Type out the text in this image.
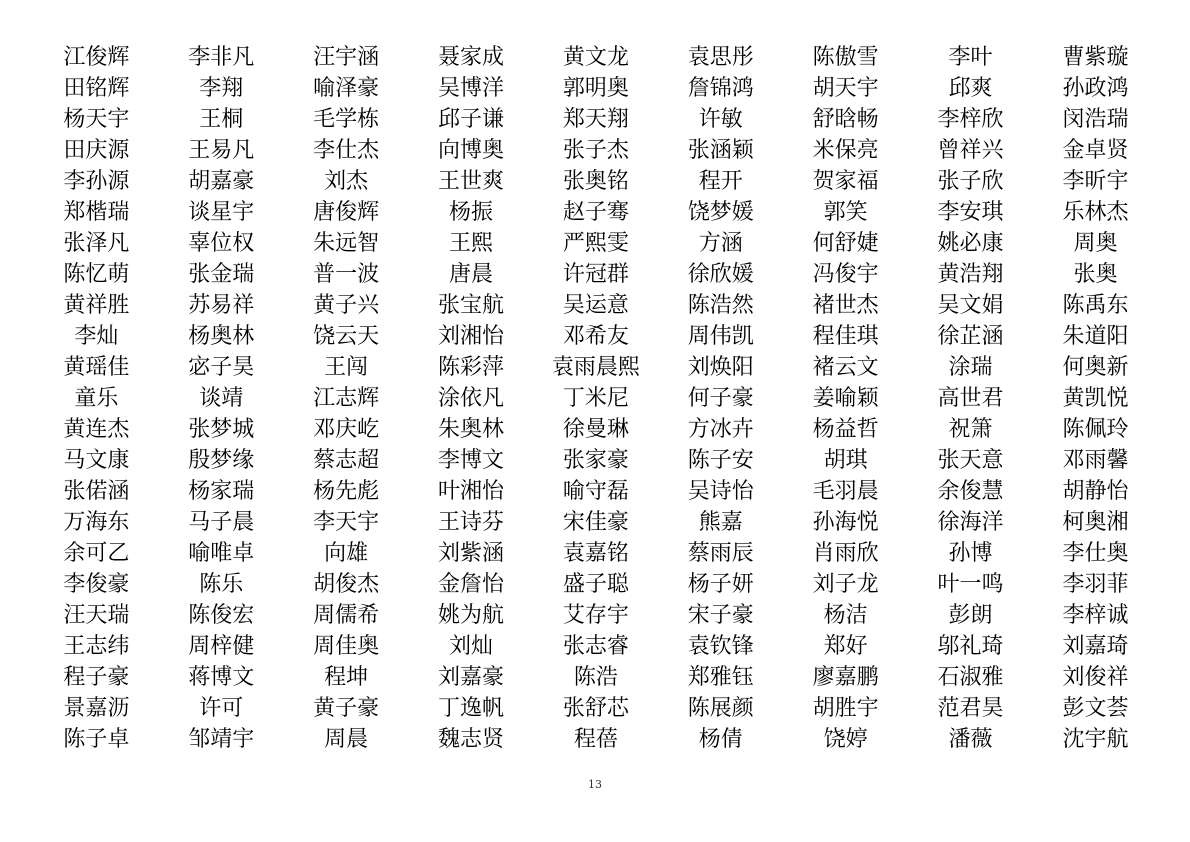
江俊辉	李非凡	汪宇涵	聂家成	黄文龙	袁思彤	陈傲雪	李叶	曹紫璇
田铭辉	李翔	喻泽豪	吴博洋	郭明奥	詹锦鸿	胡天宇	邱爽	孙政鸿
杨天宇	王桐	毛学栋	邱子谦	郑天翔	许敏	舒晗畅	李梓欣	闵浩瑞
田庆源	王易凡	李仕杰	向博奥	张子杰	张涵颖	米保亮	曾祥兴	金卓贤
李孙源	胡嘉豪	刘杰	王世爽	张奥铭	程开	贺家福	张子欣	李昕宇
郑楷瑞	谈星宇	唐俊辉	杨振	赵子骞	饶梦媛	郭笑	李安琪	乐林杰
张泽凡	辜位权	朱远智	王熙	严熙雯	方涵	何舒婕	姚必康	周奥
陈忆萌	张金瑞	普一波	唐晨	许冠群	徐欣媛	冯俊宇	黄浩翔	张奥
黄祥胜	苏易祥	黄子兴	张宝航	吴运意	陈浩然	褚世杰	吴文娟	陈禹东
李灿	杨奥林	饶云天	刘湘怡	邓希友	周伟凯	程佳琪	徐芷涵	朱道阳
黄瑶佳	宓子昊	王闯	陈彩萍	袁雨晨熙	刘焕阳	褚云文	涂瑞	何奥新
童乐	谈靖	江志辉	涂依凡	丁米尼	何子豪	姜喻颖	高世君	黄凯悦
黄连杰	张梦城	邓庆屹	朱奥林	徐曼琳	方冰卉	杨益哲	祝箫	陈佩玲
马文康	殷梦缘	蔡志超	李博文	张家豪	陈子安	胡琪	张天意	邓雨馨
张偌涵	杨家瑞	杨先彪	叶湘怡	喻守磊	吴诗怡	毛羽晨	余俊慧	胡静怡
万海东	马子晨	李天宇	王诗芬	宋佳豪	熊嘉	孙海悦	徐海洋	柯奥湘
余可乙	喻唯卓	向雄	刘紫涵	袁嘉铭	蔡雨辰	肖雨欣	孙博	李仕奥
李俊豪	陈乐	胡俊杰	金詹怡	盛子聪	杨子妍	刘子龙	叶一鸣	李羽菲
汪天瑞	陈俊宏	周儒希	姚为航	艾存宇	宋子豪	杨洁	彭朗	李梓诚
王志纬	周梓健	周佳奥	刘灿	张志睿	袁钦锋	郑好	邬礼琦	刘嘉琦
程子豪	蒋博文	程坤	刘嘉豪	陈浩	郑雅钰	廖嘉鹏	石淑雅	刘俊祥
景嘉沥	许可	黄子豪	丁逸帆	张舒芯	陈展颜	胡胜宇	范君昊	彭文荟
陈子卓	邹靖宇	周晨	魏志贤	程蓓	杨倩	饶婷	潘薇	沈宇航
13
